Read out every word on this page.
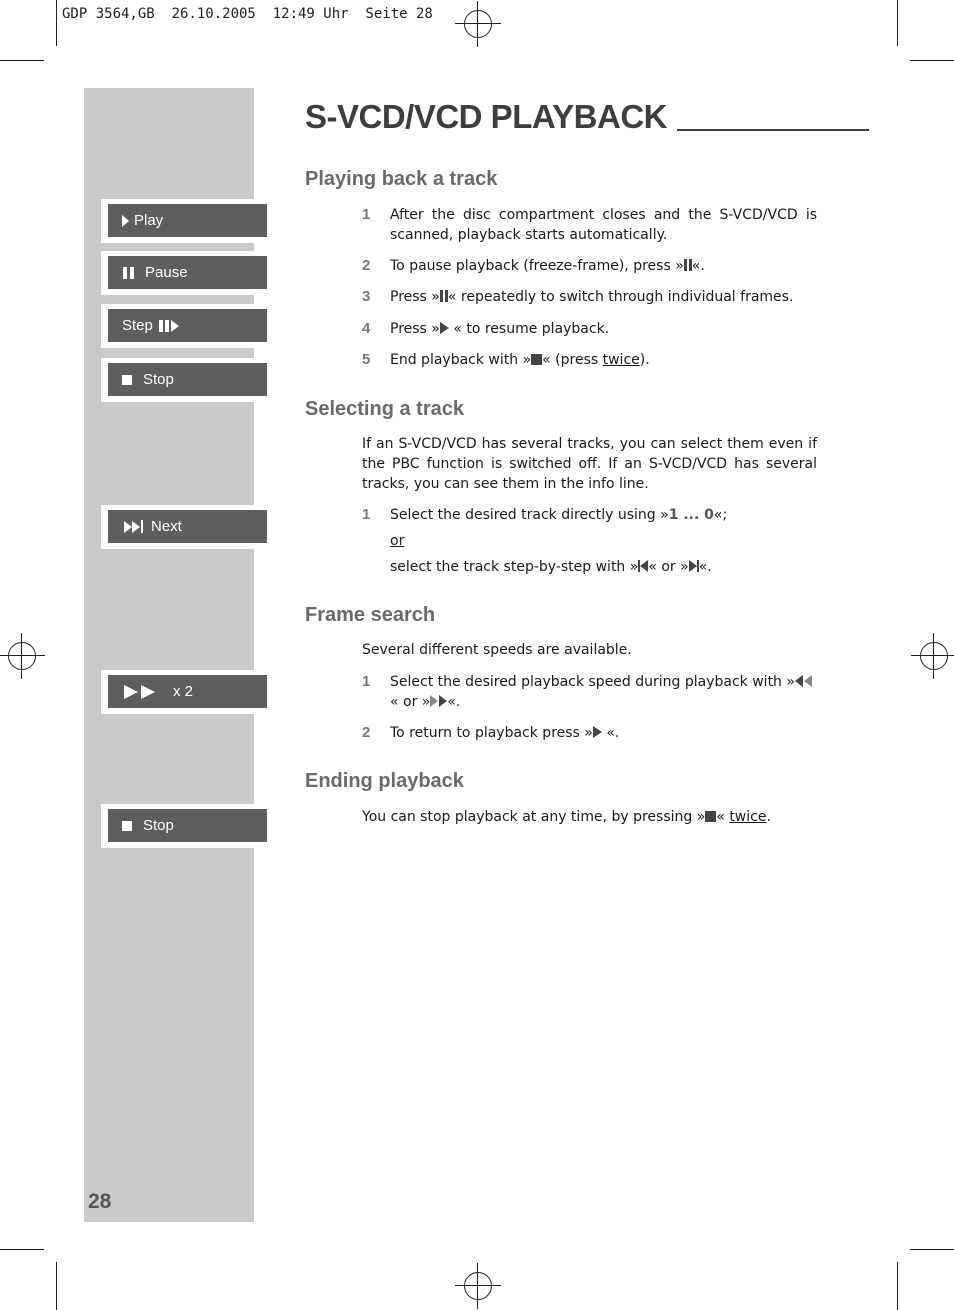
GDP 3564,GB  26.10.2005  12:49 Uhr  Seite 28

Play
Pause
Step
Stop
Next
x 2
Stop
28
S-VCD/VCD PLAYBACK
Playing back a track
1 After the disc compartment closes and the S-VCD/VCD is scanned, playback starts automatically.
2 To pause playback (freeze-frame), press » «.
3 Press » « repeatedly to switch through individual frames.
4 Press »
« to resume playback.
5 End playback with » « (press twice).
Selecting a track
If an S-VCD/VCD has several tracks, you can select them even if the PBC function is switched off. If an S-VCD/VCD has several tracks, you can see them in the info line.
1 Select the desired track directly using »1 ... 0«;
or
select the track step-by-step with » « or » «.
Frame search
Several different speeds are available.
1 Select the desired playback speed during playback with »
« or » «.
2 To return to playback press »
«.
Ending playback
You can stop playback at any time, by pressing » « twice.
